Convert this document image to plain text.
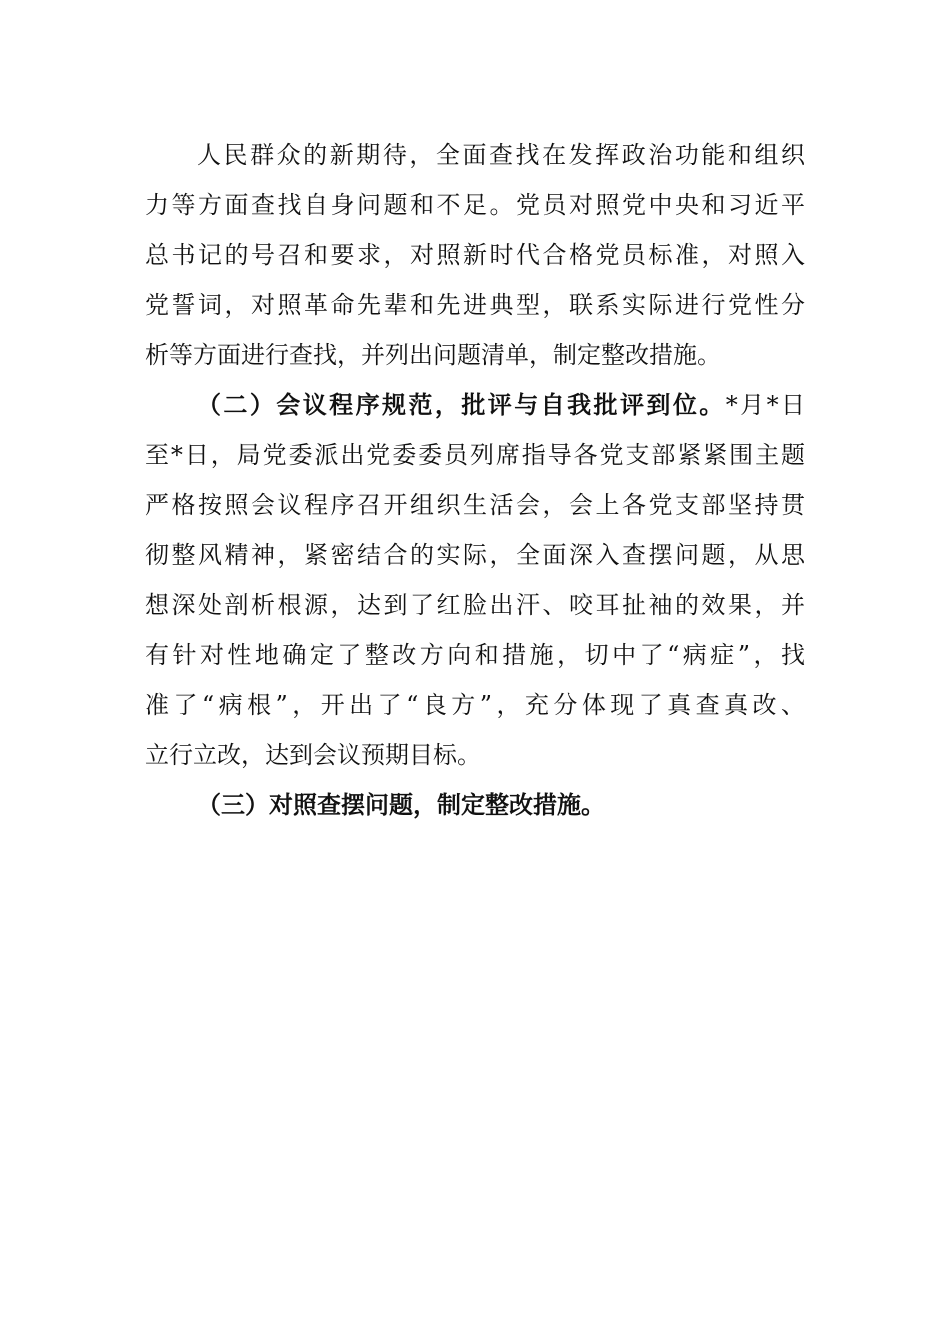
人民群众的新期待，全面查找在发挥政治功能和组织
力等方面查找自身问题和不足。党员对照党中央和习近平
总书记的号召和要求，对照新时代合格党员标准，对照入
党誓词，对照革命先辈和先进典型，联系实际进行党性分
析等方面进行查找，并列出问题清单，制定整改措施。
（二）会议程序规范，批评与自我批评到位。*月*日
至*日，局党委派出党委委员列席指导各党支部紧紧围主题
严格按照会议程序召开组织生活会，会上各党支部坚持贯
彻整风精神，紧密结合的实际，全面深入查摆问题，从思
想深处剖析根源，达到了红脸出汗、咬耳扯袖的效果，并
有针对性地确定了整改方向和措施，切中了“病症”，找
准了“病根”，开出了“良方”，充分体现了真查真改、
立行立改，达到会议预期目标。
（三）对照查摆问题，制定整改措施。
